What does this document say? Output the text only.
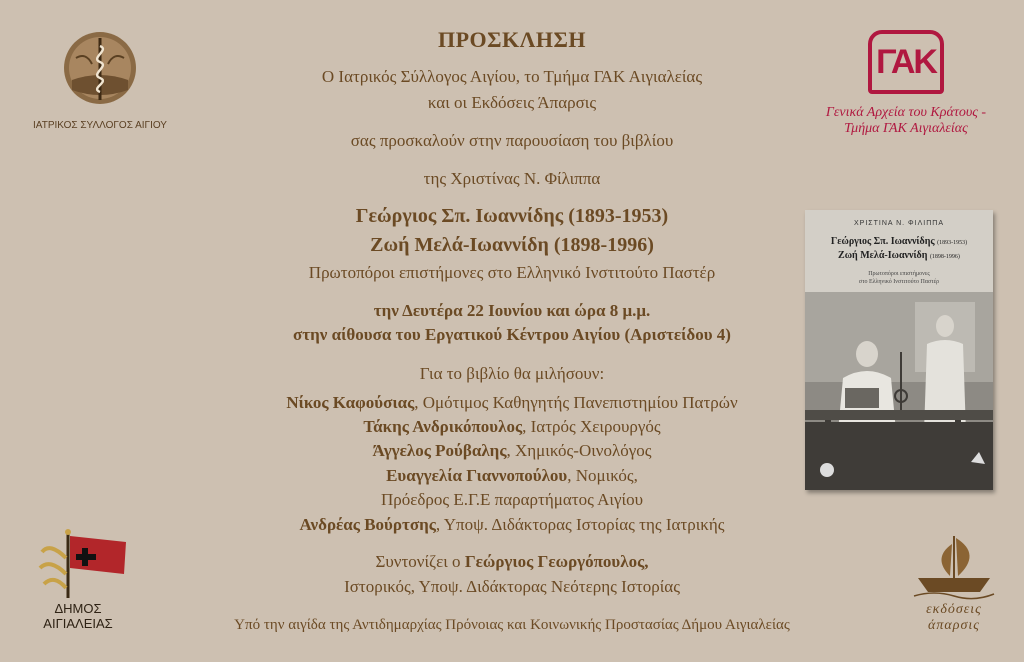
ΠΡΟΣΚΛΗΣΗ
Ο Ιατρικός Σύλλογος Αιγίου, το Τμήμα ΓΑΚ Αιγιαλείας
και οι Εκδόσεις Άπαρσις
σας προσκαλούν στην παρουσίαση του βιβλίου
της Χριστίνας Ν. Φίλιππα
Γεώργιος Σπ. Ιωαννίδης (1893-1953)
Ζωή Μελά-Ιωαννίδη (1898-1996)
Πρωτοπόροι επιστήμονες στο Ελληνικό Ινστιτούτο Παστέρ
την Δευτέρα 22 Ιουνίου και ώρα 8 μ.μ.
στην αίθουσα του Εργατικού Κέντρου Αιγίου (Αριστείδου 4)
Για το βιβλίο θα μιλήσουν:
Νίκος Καφούσιας, Ομότιμος Καθηγητής Πανεπιστημίου Πατρών
Τάκης Ανδρικόπουλος, Ιατρός Χειρουργός
Άγγελος Ρούβαλης, Χημικός-Οινολόγος
Ευαγγελία Γιαννοπούλου, Νομικός,
Πρόεδρος Ε.Γ.Ε παραρτήματος Αιγίου
Ανδρέας Βούρτσης, Υποψ. Διδάκτορας Ιστορίας της Ιατρικής
Συντονίζει ο Γεώργιος Γεωργόπουλος,
Ιστορικός, Υποψ. Διδάκτορας Νεότερης Ιστορίας
Υπό την αιγίδα της Αντιδημαρχίας Πρόνοιας και Κοινωνικής Προστασίας Δήμου Αιγιαλείας
ΙΑΤΡΙΚΟΣ ΣΥΛΛΟΓΟΣ ΑΙΓΙΟΥ
ΓΑΚ
Γενικά Αρχεία του Κράτους -
Τμήμα ΓΑΚ Αιγιαλείας
ΧΡΙΣΤΙΝΑ Ν. ΦΙΛΙΠΠΑ
Γεώργιος Σπ. Ιωαννίδης (1893-1953)
Ζωή Μελά-Ιωαννίδη (1898-1996)
Πρωτοπόροι επιστήμονες
στο Ελληνικό Ινστιτούτο Παστέρ
ΔΗΜΟΣ
ΑΙΓΙΑΛΕΙΑΣ
εκδόσεις
άπαρσις
